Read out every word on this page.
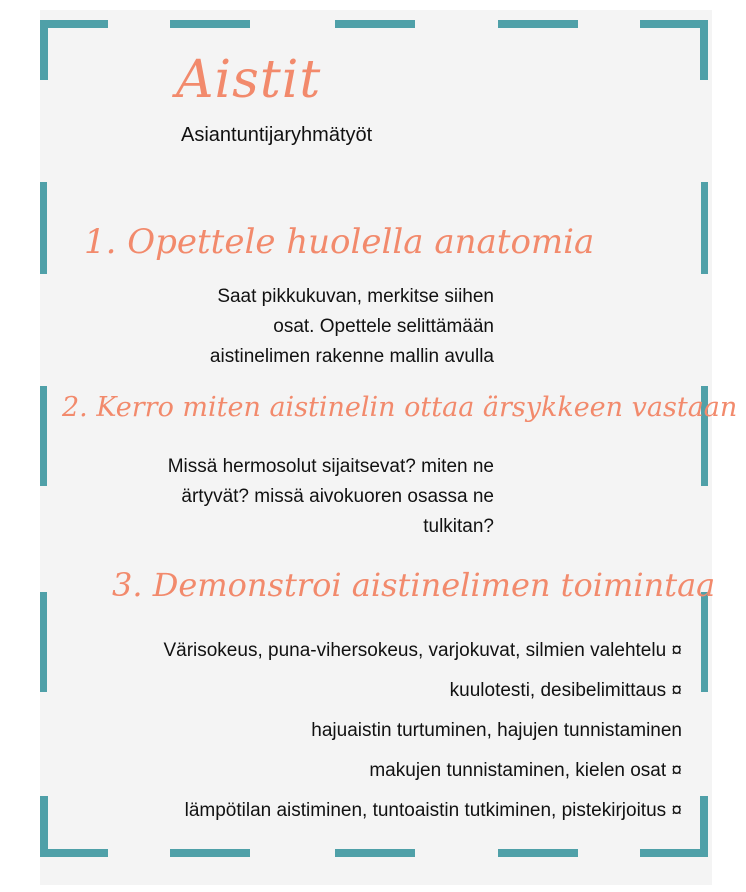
Aistit
Asiantuntijaryhmätyöt
1. Opettele huolella anatomia
Saat pikkukuvan, merkitse siihen
osat. Opettele selittämään
aistinelimen rakenne mallin avulla
2. Kerro miten aistinelin ottaa ärsykkeen vastaan
Missä hermosolut sijaitsevat? miten ne
ärtyvät? missä aivokuoren osassa ne
tulkitan?
3. Demonstroi aistinelimen toimintaa
Värisokeus, puna-vihersokeus, varjokuvat, silmien valehtelu ¤
kuulotesti, desibelimittaus ¤
hajuaistin turtuminen, hajujen tunnistaminen
makujen tunnistaminen, kielen osat ¤
lämpötilan aistiminen, tuntoaistin tutkiminen, pistekirjoitus ¤
